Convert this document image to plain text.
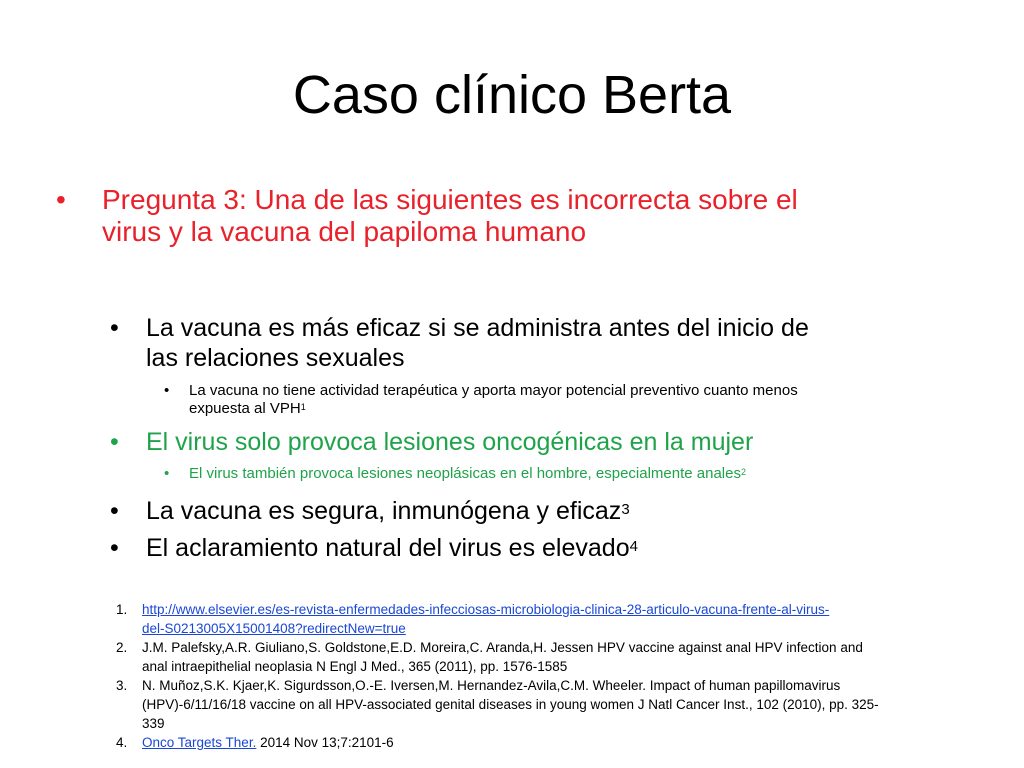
Caso clínico Berta
• Pregunta 3: Una de las siguientes es incorrecta sobre el
virus y la vacuna del papiloma humano
• La vacuna es más eficaz si se administra antes del inicio de
las relaciones sexuales
• La vacuna no tiene actividad terapéutica y aporta mayor potencial preventivo cuanto menos
expuesta al VPH$^1$
• El virus solo provoca lesiones oncogénicas en la mujer
• El virus también provoca lesiones neoplásicas en el hombre, especialmente anales$^2$
• La vacuna es segura, inmunógena y eficaz$^3$
• El aclaramiento natural del virus es elevado$^4$
1. http://www.elsevier.es/es-revista-enfermedades-infecciosas-microbiologia-clinica-28-articulo-vacuna-frente-al-virus-
del-S0213005X15001408?redirectNew=true
2. J.M. Palefsky,A.R. Giuliano,S. Goldstone,E.D. Moreira,C. Aranda,H. Jessen HPV vaccine against anal HPV infection and
anal intraepithelial neoplasia N Engl J Med., 365 (2011), pp. 1576-1585
3. N. Muñoz,S.K. Kjaer,K. Sigurdsson,O.-E. Iversen,M. Hernandez-Avila,C.M. Wheeler. Impact of human papillomavirus
(HPV)-6/11/16/18 vaccine on all HPV-associated genital diseases in young women J Natl Cancer Inst., 102 (2010), pp. 325-
339
4. Onco Targets Ther. 2014 Nov 13;7:2101-6
